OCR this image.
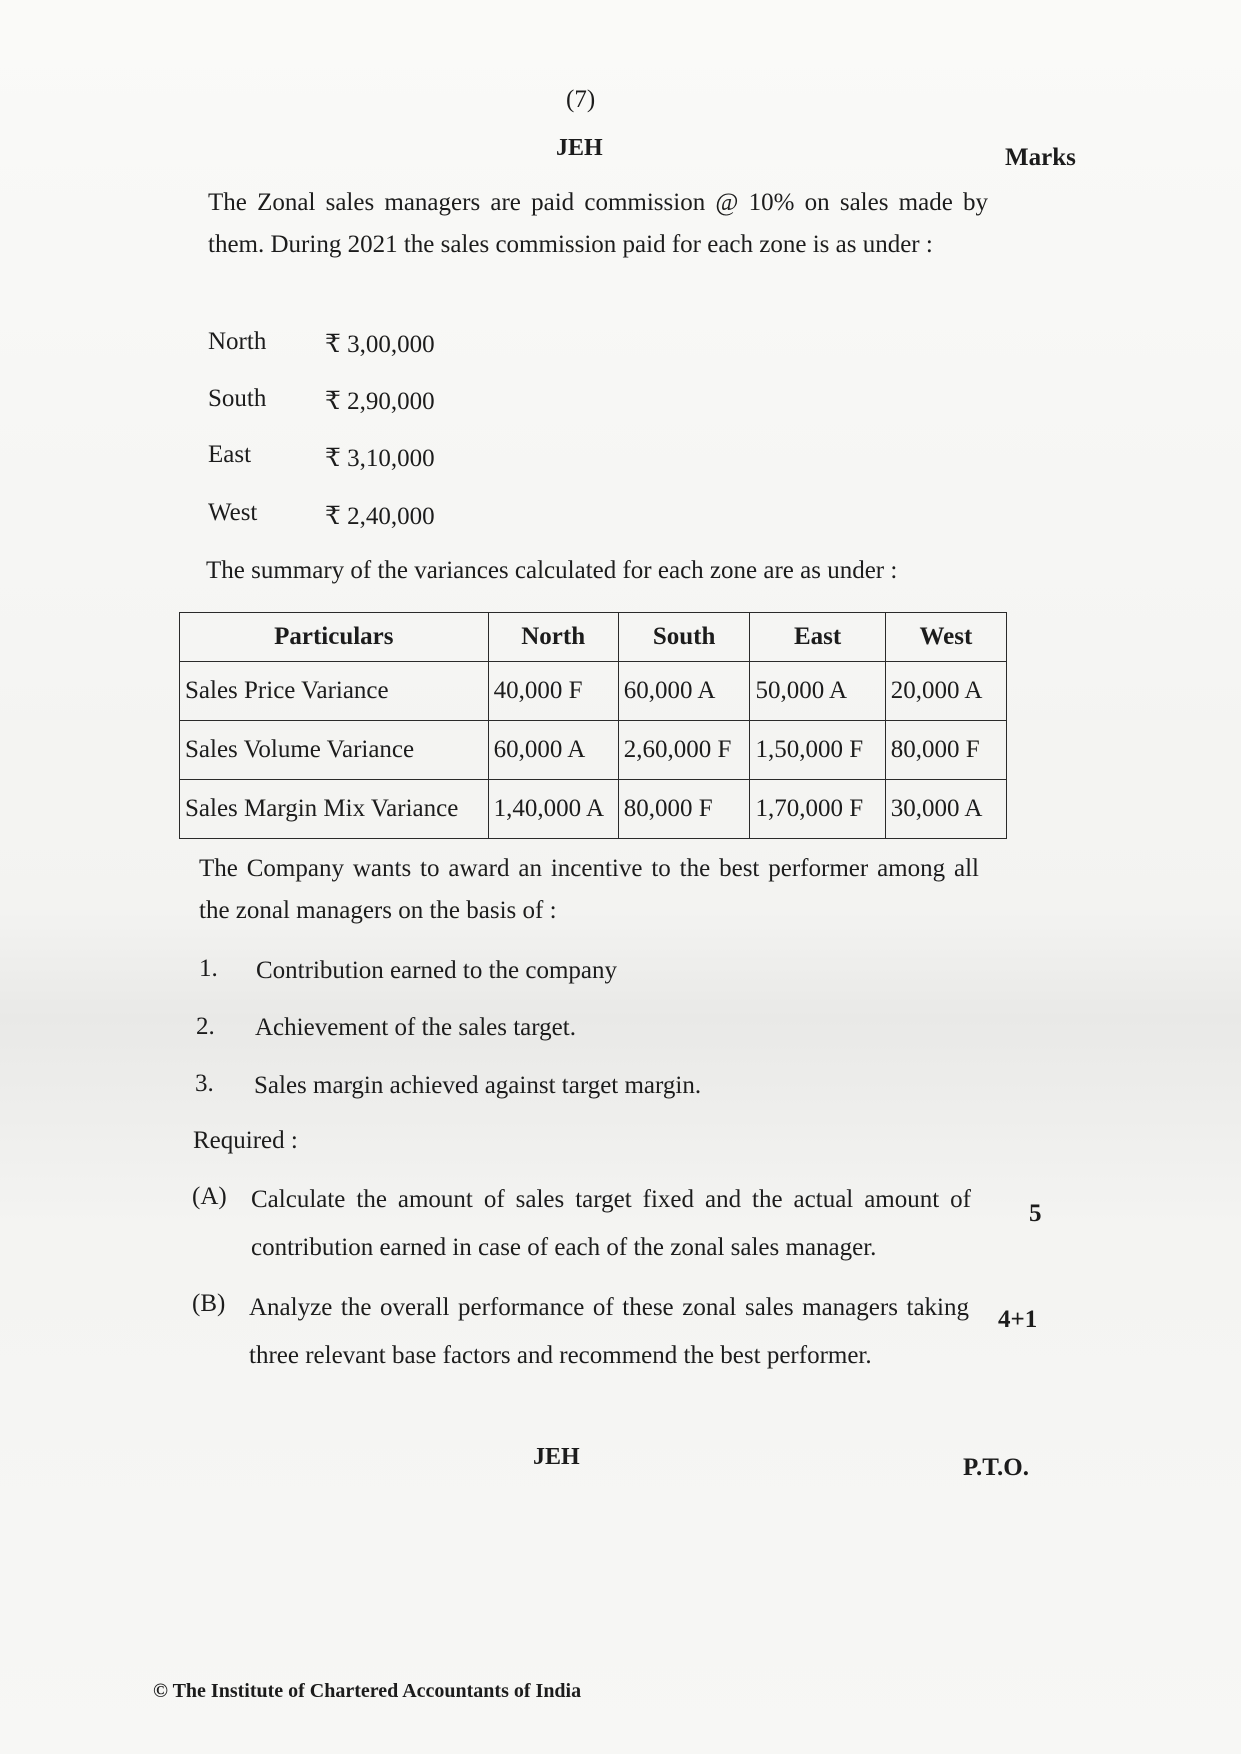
(7)
JEH	Marks
The Zonal sales managers are paid commission @ 10% on sales made by them. During 2021 the sales commission paid for each zone is as under :
North ₹ 3,00,000
South ₹ 2,90,000
East	₹ 3,10,000
West	₹ 2,40,000
The summary of the variances calculated for each zone are as under :
Particulars	North	South	East	West
Sales Price Variance	40,000 F	60,000 A	50,000 A	20,000 A
Sales Volume Variance	60,000 A	2,60,000 F	1,50,000 F	80,000 F
Sales Margin Mix Variance	1,40,000 A	80,000 F	1,70,000 F	30,000 A
The Company wants to award an incentive to the best performer among all the zonal managers on the basis of :
1. Contribution earned to the company
2. Achievement of the sales target.
3. Sales margin achieved against target margin.
Required :
(A) Calculate the amount of sales target fixed and the actual amount of contribution earned in case of each of the zonal sales manager.
5
(B) Analyze the overall performance of these zonal sales managers taking three relevant base factors and recommend the best performer.
4+1
JEH	P.T.O.
© The Institute of Chartered Accountants of India
